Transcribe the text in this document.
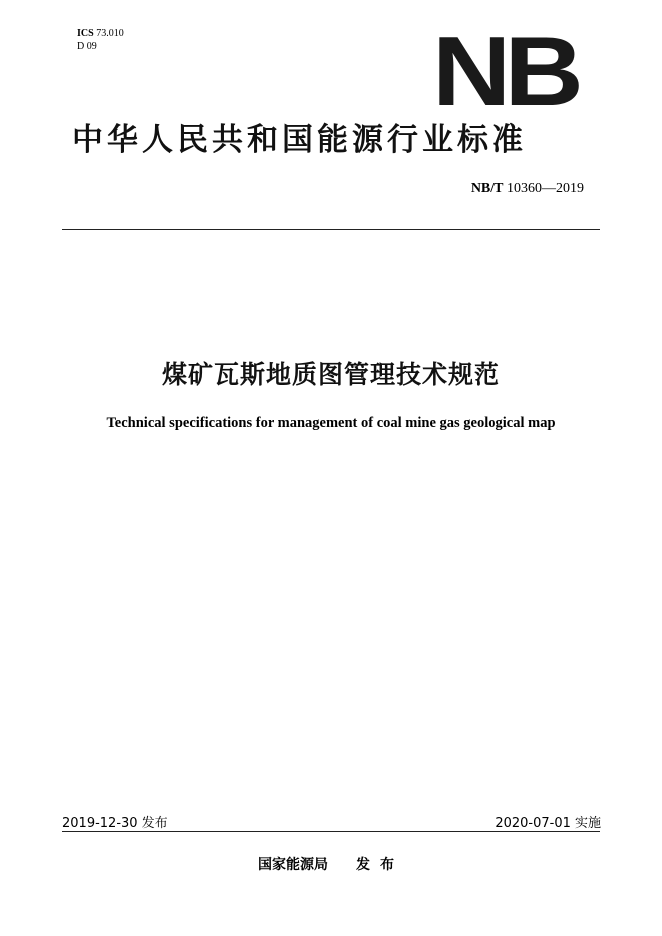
ICS 73.010
D 09	NB
中华人民共和国能源行业标准
NB/T 10360—2019
煤矿瓦斯地质图管理技术规范
Technical specifications for management of coal mine gas geological map
2019-12-30 发布	2020-07-01 实施
国家能源局 发布
